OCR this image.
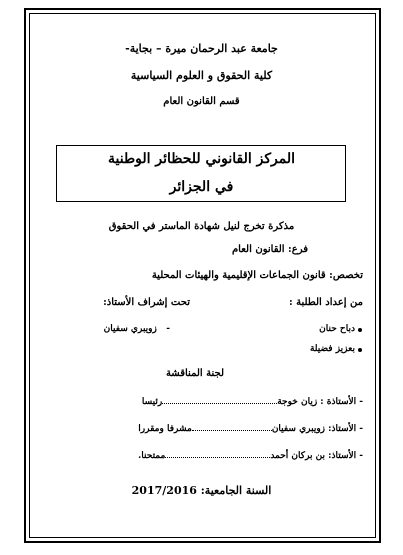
جامعة عبد الرحمان ميرة – بجاية-
كلية الحقوق و العلوم السياسية
قسم القانون العام
المركز القانوني للحظائر الوطنية
في الجزائر
مذكرة تخرج لنيل شهادة الماستر في الحقوق
فرع: القانون العام
تخصص: قانون الجماعات الإقليمية والهيئات المحلية
من إعداد الطلبة :
تحت إشراف الأستاذ:
دباح حنان
بعزيز فضيلة
-   زويبري سفيان
لجنة المناقشة
- الأستاذة : زيان خوجةرئيسا
- الأستاذ: زويبري سفيانمشرفا ومقررا
- الأستاذ: بن بركان أحمدممتحنا.
السنة الجامعية: 2017/2016
